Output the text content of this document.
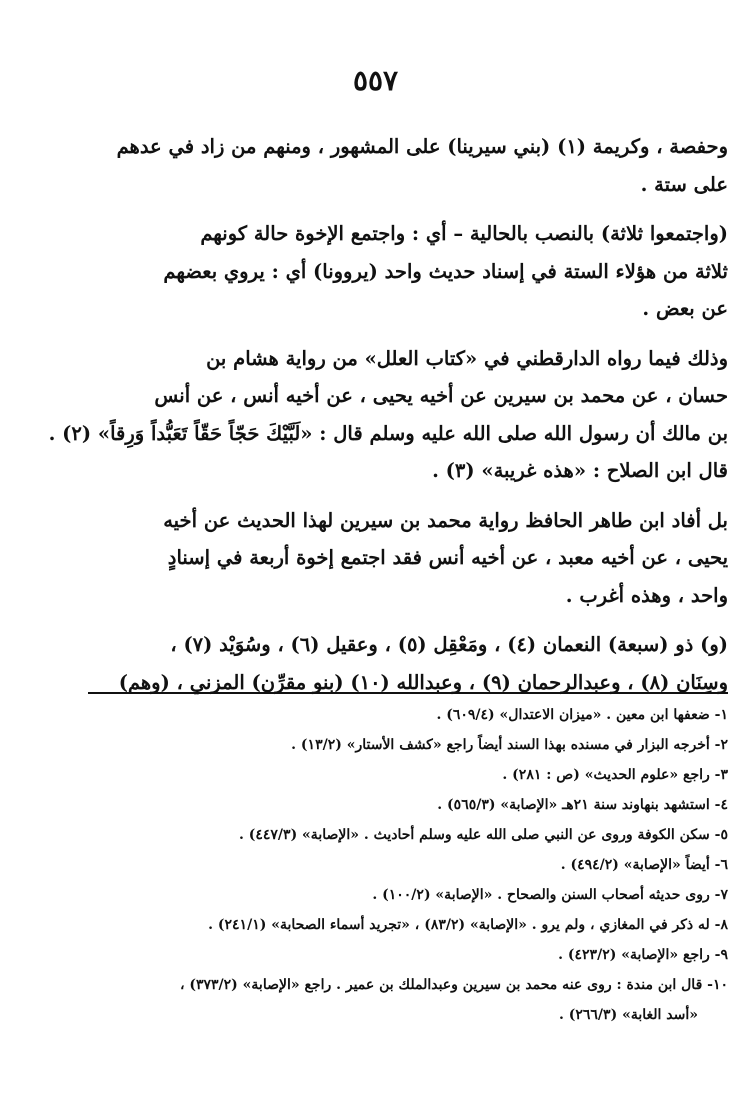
٥٥٧
وحفصة ، وكريمة (١) (بني سيرينا) على المشهور ، ومنهم من زاد في عدهم
على ستة .
(واجتمعوا ثلاثة) بالنصب بالحالية – أي : واجتمع الإخوة حالة كونهم
ثلاثة من هؤلاء الستة في إسناد حديث واحد (يروونا) أي : يروي بعضهم
عن بعض .
وذلك فيما رواه الدارقطني في «كتاب العلل» من رواية هشام بن
حسان ، عن محمد بن سيرين عن أخيه يحيى ، عن أخيه أنس ، عن أنس
بن مالك أن رسول الله صلى الله عليه وسلم قال : «لَبَّيْكَ حَجّاً حَقّاً تَعَبُّداً وَرِقاً» (٢) .
قال ابن الصلاح : «هذه غريبة» (٣) .
بل أفاد ابن طاهر الحافظ رواية محمد بن سيرين لهذا الحديث عن أخيه
يحيى ، عن أخيه معبد ، عن أخيه أنس فقد اجتمع إخوة أربعة في إسنادٍ
واحد ، وهذه أغرب .
(و) ذو (سبعة) النعمان (٤) ، ومَعْقِل (٥) ، وعقيل (٦) ، وسُوَيْد (٧) ،
وسِنَان (٨) ، وعبدالرحمان (٩) ، وعبدالله (١٠) (بنو مقرِّن) المزني ، (وهم)
١- ضعفها ابن معين . «ميزان الاعتدال» (٦٠٩/٤) .
٢- أخرجه البزار في مسنده بهذا السند أيضاً راجع «كشف الأستار» (١٣/٢) .
٣- راجع «علوم الحديث» (ص : ٢٨١) .
٤- استشهد بنهاوند سنة ٢١هـ «الإصابة» (٥٦٥/٣) .
٥- سكن الكوفة وروى عن النبي صلى الله عليه وسلم أحاديث . «الإصابة» (٤٤٧/٣) .
٦- أيضاً «الإصابة» (٤٩٤/٢) .
٧- روى حديثه أصحاب السنن والصحاح . «الإصابة» (١٠٠/٢) .
٨- له ذكر في المغازي ، ولم يرو . «الإصابة» (٨٣/٢) ، «تجريد أسماء الصحابة» (٢٤١/١) .
٩- راجع «الإصابة» (٤٢٣/٢) .
١٠- قال ابن مندة : روى عنه محمد بن سيرين وعبدالملك بن عمير . راجع «الإصابة» (٣٧٣/٢) ،
«أسد الغابة» (٢٦٦/٣) .
